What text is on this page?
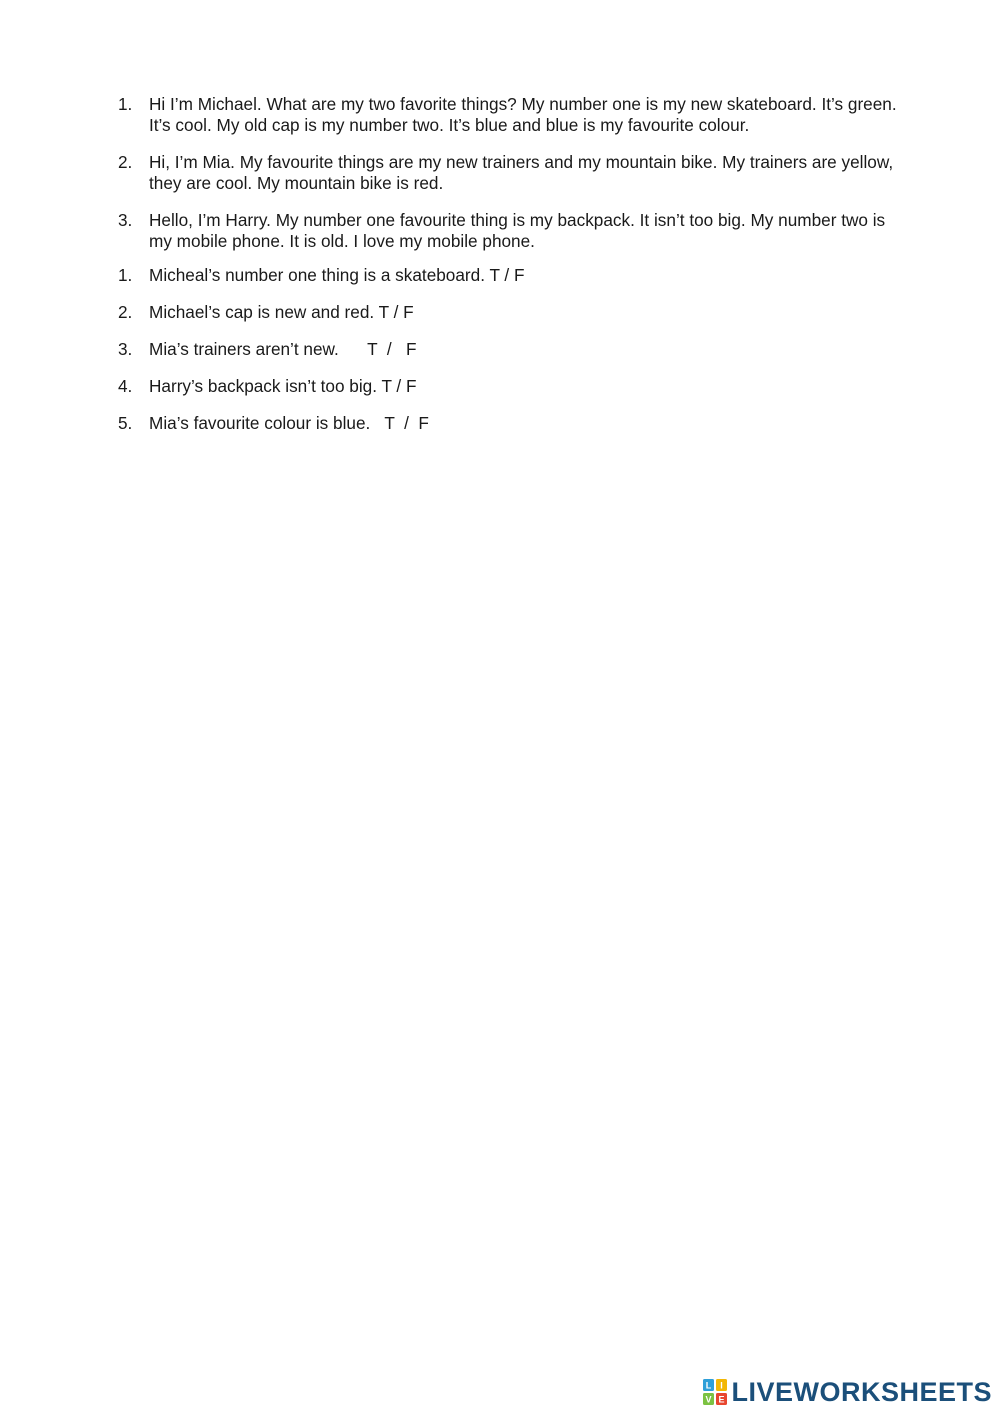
1. Hi I’m Michael. What are my two favorite things? My number one is my new skateboard. It’s green. It’s cool. My old cap is my number two. It’s blue and blue is my favourite colour.
2. Hi, I’m Mia. My favourite things are my new trainers and my mountain bike. My trainers are yellow, they are cool. My mountain bike is red.
3. Hello, I’m Harry. My number one favourite thing is my backpack. It isn’t too big. My number two is my mobile phone. It is old. I love my mobile phone.
1. Micheal’s number one thing is a skateboard. T / F
2. Michael’s cap is new and red. T / F
3. Mia’s trainers aren’t new.      T  /   F
4. Harry’s backpack isn’t too big. T / F
5. Mia’s favourite colour is blue.   T  /  F
L I
V E LIVEWORKSHEETS
